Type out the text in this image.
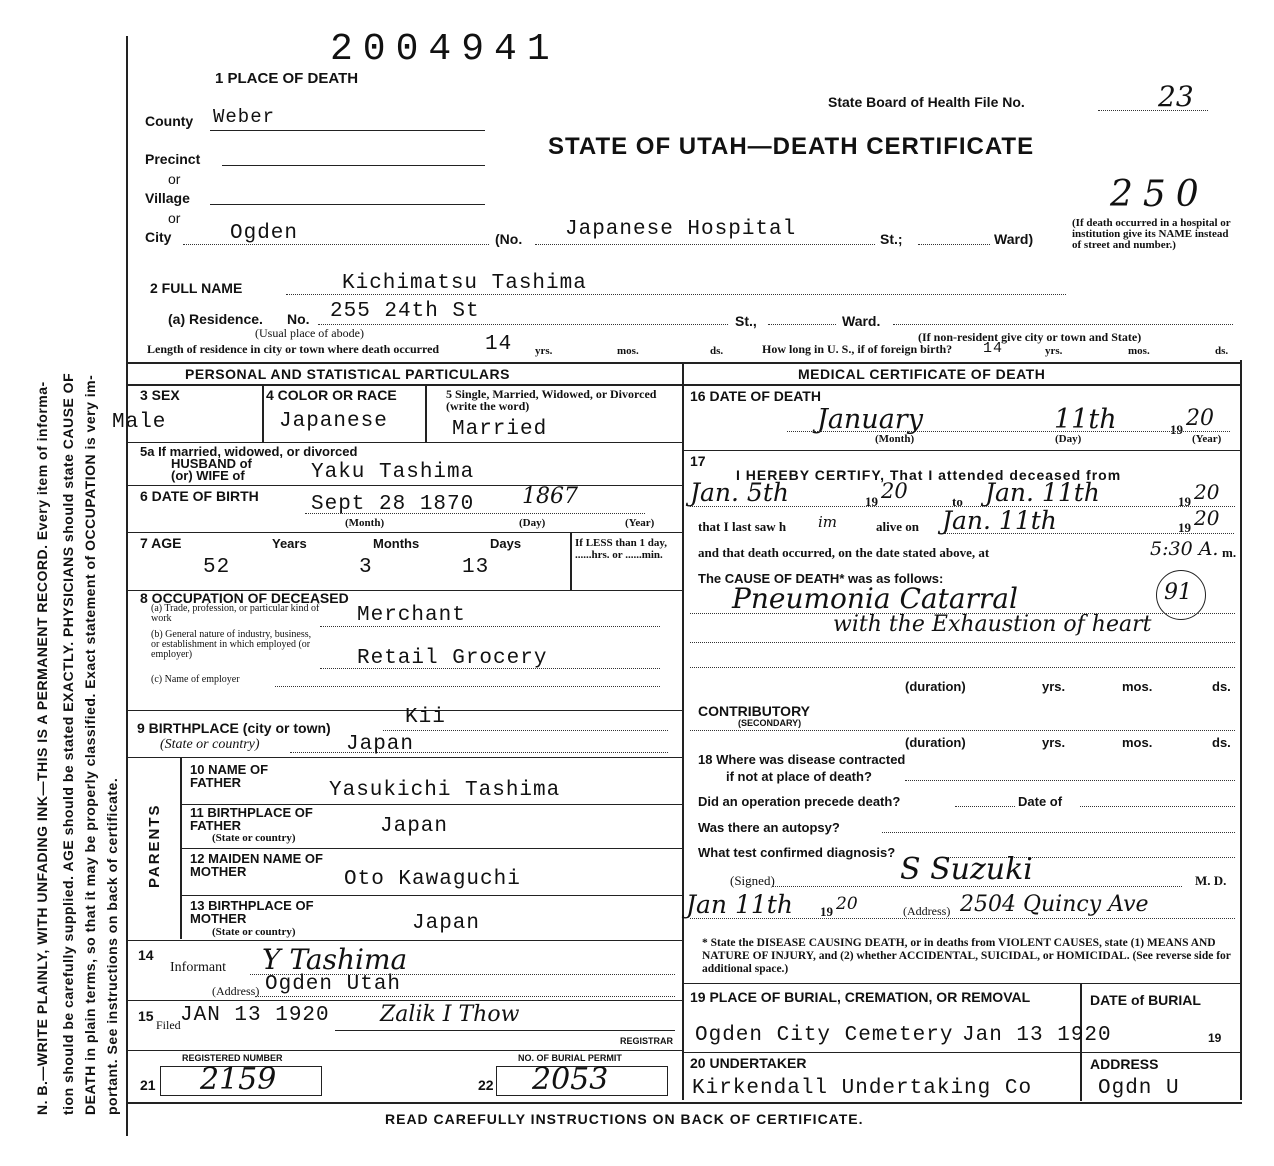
N. B.—WRITE PLAINLY, WITH UNFADING INK—THIS IS A PERMANENT RECORD. Every item of informa- tion should be carefully supplied. AGE should be stated EXACTLY. PHYSICIANS should state CAUSE OF DEATH in plain terms, so that it may be properly classified. Exact statement of OCCUPATION is very im- portant. See instructions on back of certificate.
2004941
1 PLACE OF DEATH
State Board of Health File No.	23
STATE OF UTAH—DEATH CERTIFICATE
250
County Weber
Precinct
or
Village
or
City	Ogden	(No. Japanese Hospital	St.;	Ward)
(If death occurred in a hospital or institution give its NAME instead of street and number.)
2 FULL NAME	Kichimatsu Tashima
(a) Residence. No. 255 24th St	St.,	Ward.
(Usual place of abode)	(If non-resident give city or town and State)
Length of residence in city or town where death occurred 14 yrs.	mos.	ds.	How long in U. S., if of foreign birth? 14	yrs.	mos.	ds.
PERSONAL AND STATISTICAL PARTICULARS	MEDICAL CERTIFICATE OF DEATH
3 SEX
Male
4 COLOR OR RACE
Japanese
5 Single, Married, Widowed, or Divorced (write the word)
Married
5a If married, widowed, or divorced
HUSBAND of
(or) WIFE of	Yaku Tashima
6 DATE OF BIRTH Sept 28 1870 1867
(Month)	(Day)	(Year)
7 AGE	Years	Months	Days	If LESS than 1 day, ......hrs. or ......min.
52	3	13
8 OCCUPATION OF DECEASED
(a) Trade, profession, or particular kind of work	Merchant
(b) General nature of industry, business, or establishment in which employed (or employer)	Retail Grocery
(c) Name of employer
9 BIRTHPLACE (city or town)	Kii
(State or country)	Japan
PARENTS
10 NAME OF FATHER	Yasukichi Tashima
11 BIRTHPLACE OF FATHER
(State or country)	Japan
12 MAIDEN NAME OF MOTHER	Oto Kawaguchi
13 BIRTHPLACE OF MOTHER
(State or country)	Japan
14
Informant Y Tashima
(Address) Ogden Utah
15
Filed JAN 13 1920 Zalik I Thow
REGISTRAR
REGISTERED NUMBER
21 2159
NO. OF BURIAL PERMIT
22 2053
16 DATE OF DEATH
January	11th	19 20
(Month)	(Day)	(Year)
17
I HEREBY CERTIFY, That I attended deceased from
Jan. 5th	19 20	to Jan. 11th	19 20
that I last saw h im	alive on Jan. 11th	19 20
and that death occurred, on the date stated above, at	5:30 A. m.
The CAUSE OF DEATH* was as follows:
Pneumonia Catarral
with the Exhaustion of heart
91
(duration)	yrs.	mos.	ds.
CONTRIBUTORY
(SECONDARY)
(duration)	yrs.	mos.	ds.
18 Where was disease contracted
if not at place of death?
Did an operation precede death?	Date of
Was there an autopsy?
What test confirmed diagnosis?
(Signed)	S Suzuki	M. D.
Jan 11th 19 20	(Address) 2504 Quincy Ave
* State the DISEASE CAUSING DEATH, or in deaths from VIOLENT CAUSES, state (1) MEANS AND NATURE OF INJURY, and (2) whether ACCIDENTAL, SUICIDAL, or HOMICIDAL. (See reverse side for additional space.)
19 PLACE OF BURIAL, CREMATION, OR REMOVAL
Ogden City Cemetery
DATE of BURIAL
Jan 13 1920	19
20 UNDERTAKER
Kirkendall Undertaking Co
ADDRESS
Ogdn U
READ CAREFULLY INSTRUCTIONS ON BACK OF CERTIFICATE.
